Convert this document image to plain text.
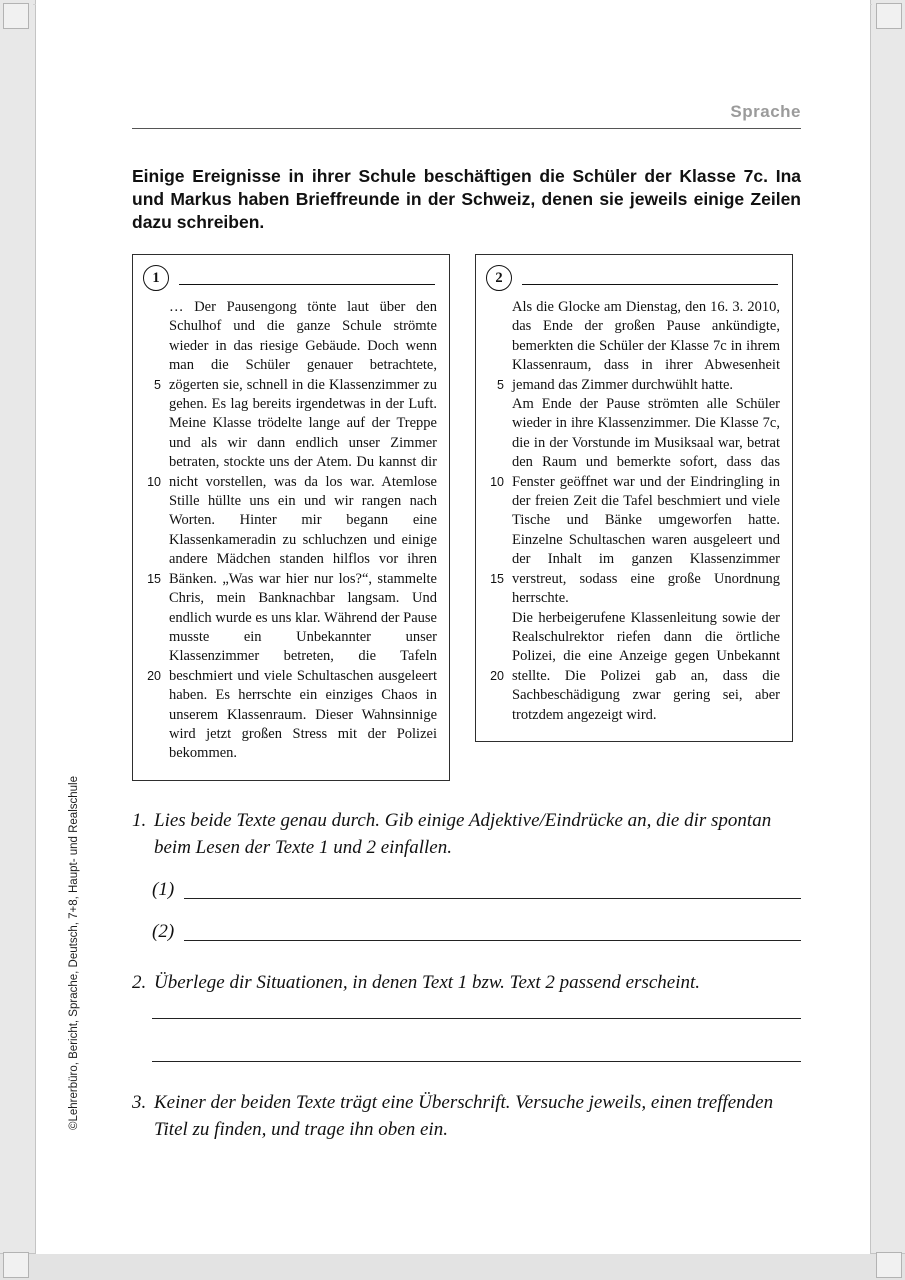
©Lehrerbüro, Bericht, Sprache, Deutsch, 7+8, Haupt- und Realschule
Sprache
Einige Ereignisse in ihrer Schule beschäftigen die Schüler der Klasse 7c. Ina und Markus haben Brieffreunde in der Schweiz, denen sie jeweils einige Zeilen dazu schreiben.
1
5
10
15
20

… Der Pausengong tönte laut über den Schulhof und die ganze Schule strömte wieder in das riesige Gebäude. Doch wenn man die Schüler genauer betrachtete, zögerten sie, schnell in die Klassenzimmer zu gehen. Es lag bereits irgendetwas in der Luft. Meine Klasse trödelte lange auf der Treppe und als wir dann endlich unser Zimmer betraten, stockte uns der Atem. Du kannst dir nicht vorstellen, was da los war. Atemlose Stille hüllte uns ein und wir rangen nach Worten. Hinter mir begann eine Klassenkameradin zu schluchzen und einige andere Mädchen standen hilflos vor ihren Bänken. „Was war hier nur los?“, stammelte Chris, mein Banknachbar langsam. Und endlich wurde es uns klar. Während der Pause musste ein Unbekannter unser Klassenzimmer betreten, die Tafeln beschmiert und viele Schultaschen ausgeleert haben. Es herrschte ein einziges Chaos in unserem Klassenraum. Dieser Wahnsinnige wird jetzt großen Stress mit der Polizei bekommen.

2
5
10
15
20

Als die Glocke am Dienstag, den 16. 3. 2010, das Ende der großen Pause ankündigte, bemerkten die Schüler der Klasse 7c in ihrem Klassenraum, dass in ihrer Abwesenheit jemand das Zimmer durchwühlt hatte.

Am Ende der Pause strömten alle Schüler wieder in ihre Klassenzimmer. Die Klasse 7c, die in der Vorstunde im Musiksaal war, betrat den Raum und bemerkte sofort, dass das Fenster geöffnet war und der Eindringling in der freien Zeit die Tafel beschmiert und viele Tische und Bänke umgeworfen hatte. Einzelne Schultaschen waren ausgeleert und der Inhalt im ganzen Klassenzimmer verstreut, sodass eine große Unordnung herrschte.

Die herbeigerufene Klassenleitung sowie der Realschulrektor riefen dann die örtliche Polizei, die eine Anzeige gegen Unbekannt stellte. Die Polizei gab an, dass die Sachbeschädigung zwar gering sei, aber trotzdem angezeigt wird.

1. Lies beide Texte genau durch. Gib einige Adjektive/Eindrücke an, die dir spontan beim Lesen der Texte 1 und 2 einfallen.
(1)
(2)
2. Überlege dir Situationen, in denen Text 1 bzw. Text 2 passend erscheint.
3. Keiner der beiden Texte trägt eine Überschrift. Versuche jeweils, einen treffenden Titel zu finden, und trage ihn oben ein.
